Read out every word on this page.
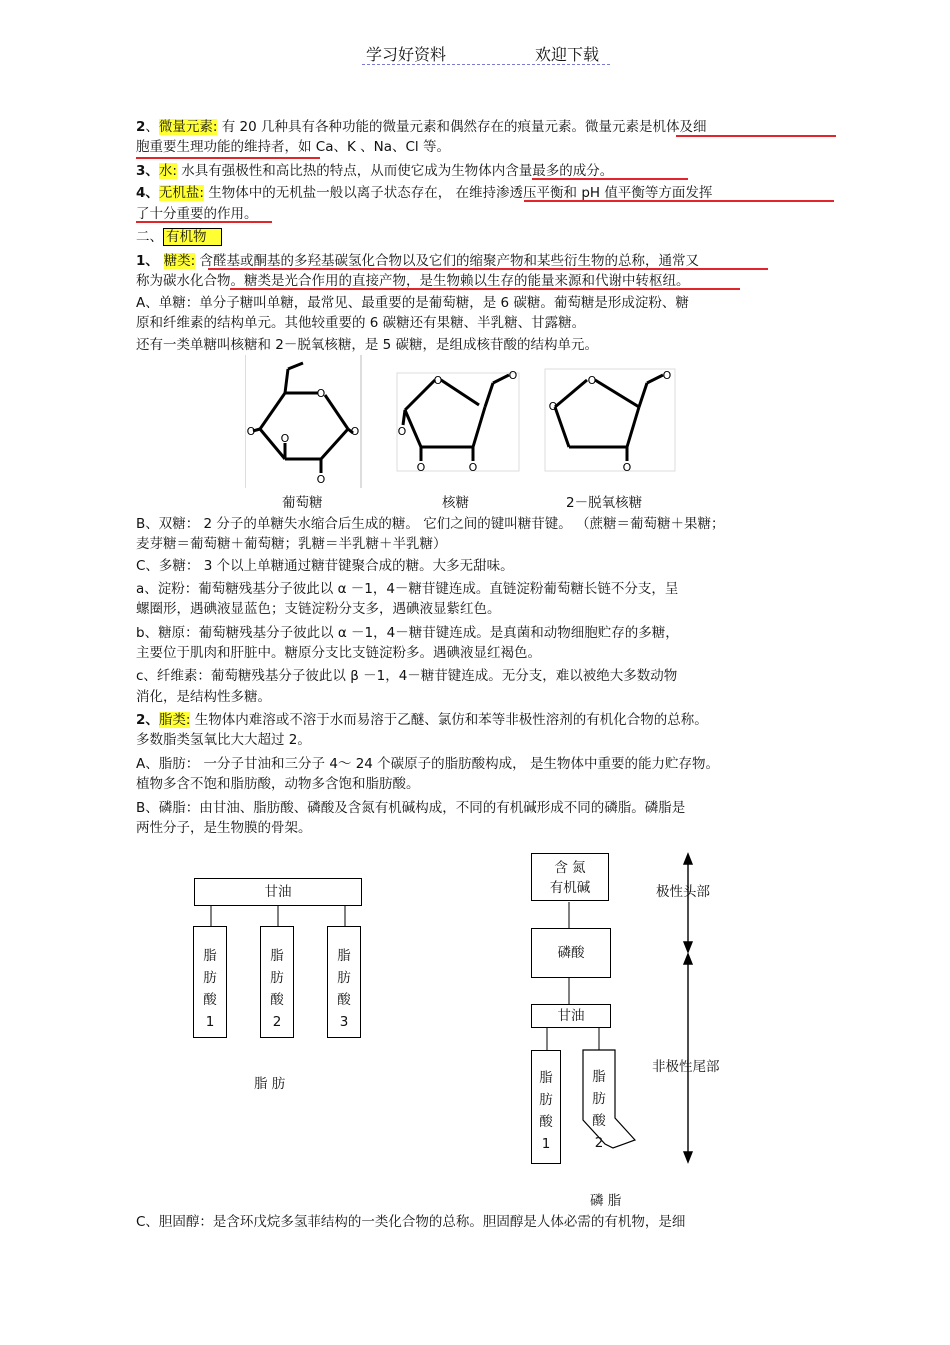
学习好资料	欢迎下载
2、微量元素: 有 20 几种具有各种功能的微量元素和偶然存在的痕量元素。微量元素是机体及细
胞重要生理功能的维持者，如 Ca、K 、Na、Cl 等。
3、水: 水具有强极性和高比热的特点，从而使它成为生物体内含量最多的成分。
4、无机盐: 生物体中的无机盐一般以离子状态存在， 在维持渗透压平衡和 pH 值平衡等方面发挥
了十分重要的作用。
二、 有机物
1、 糖类: 含醛基或酮基的多羟基碳氢化合物以及它们的缩聚产物和某些衍生物的总称，通常又
称为碳水化合物。糖类是光合作用的直接产物，是生物赖以生存的能量来源和代谢中转枢纽。
A、单糖：单分子糖叫单糖，最常见、最重要的是葡萄糖，是 6 碳糖。葡萄糖是形成淀粉、糖
原和纤维素的结构单元。其他较重要的 6 碳糖还有果糖、半乳糖、甘露糖。
还有一类单糖叫核糖和 2－脱氧核糖，是 5 碳糖，是组成核苷酸的结构单元。
O
O
O
O
O
O
O
O	O
O	O
O
O
O
葡萄糖	核糖	2－脱氧核糖
B、双糖： 2 分子的单糖失水缩合后生成的糖。 它们之间的键叫糖苷键。 （蔗糖＝葡萄糖＋果糖；
麦芽糖＝葡萄糖＋葡萄糖；乳糖＝半乳糖＋半乳糖）
C、多糖： 3 个以上单糖通过糖苷键聚合成的糖。大多无甜味。
a、淀粉：葡萄糖残基分子彼此以 α －1，4－糖苷键连成。直链淀粉葡萄糖长链不分支，呈
螺圈形，遇碘液显蓝色；支链淀粉分支多，遇碘液显紫红色。
b、糖原：葡萄糖残基分子彼此以 α －1，4－糖苷键连成。是真菌和动物细胞贮存的多糖，
主要位于肌肉和肝脏中。糖原分支比支链淀粉多。遇碘液显红褐色。
c、纤维素：葡萄糖残基分子彼此以 β －1，4－糖苷键连成。无分支，难以被绝大多数动物
消化，是结构性多糖。
2、脂类: 生物体内难溶或不溶于水而易溶于乙醚、氯仿和苯等非极性溶剂的有机化合物的总称。
多数脂类氢氧比大大超过 2。
A、脂肪： 一分子甘油和三分子 4～ 24 个碳原子的脂肪酸构成， 是生物体中重要的能力贮存物。
植物多含不饱和脂肪酸，动物多含饱和脂肪酸。
B、磷脂：由甘油、脂肪酸、磷酸及含氮有机碱构成，不同的有机碱形成不同的磷脂。磷脂是
两性分子，是生物膜的骨架。
甘油
脂
肪
酸
1
脂
肪
酸
2
脂
肪
酸
3
脂 肪
含 氮
有机碱
磷酸
甘油
脂
肪
酸
1
脂
肪
酸
2
极性头部
非极性尾部
磷 脂
C、胆固醇：是含环戊烷多氢菲结构的一类化合物的总称。胆固醇是人体必需的有机物，是细
